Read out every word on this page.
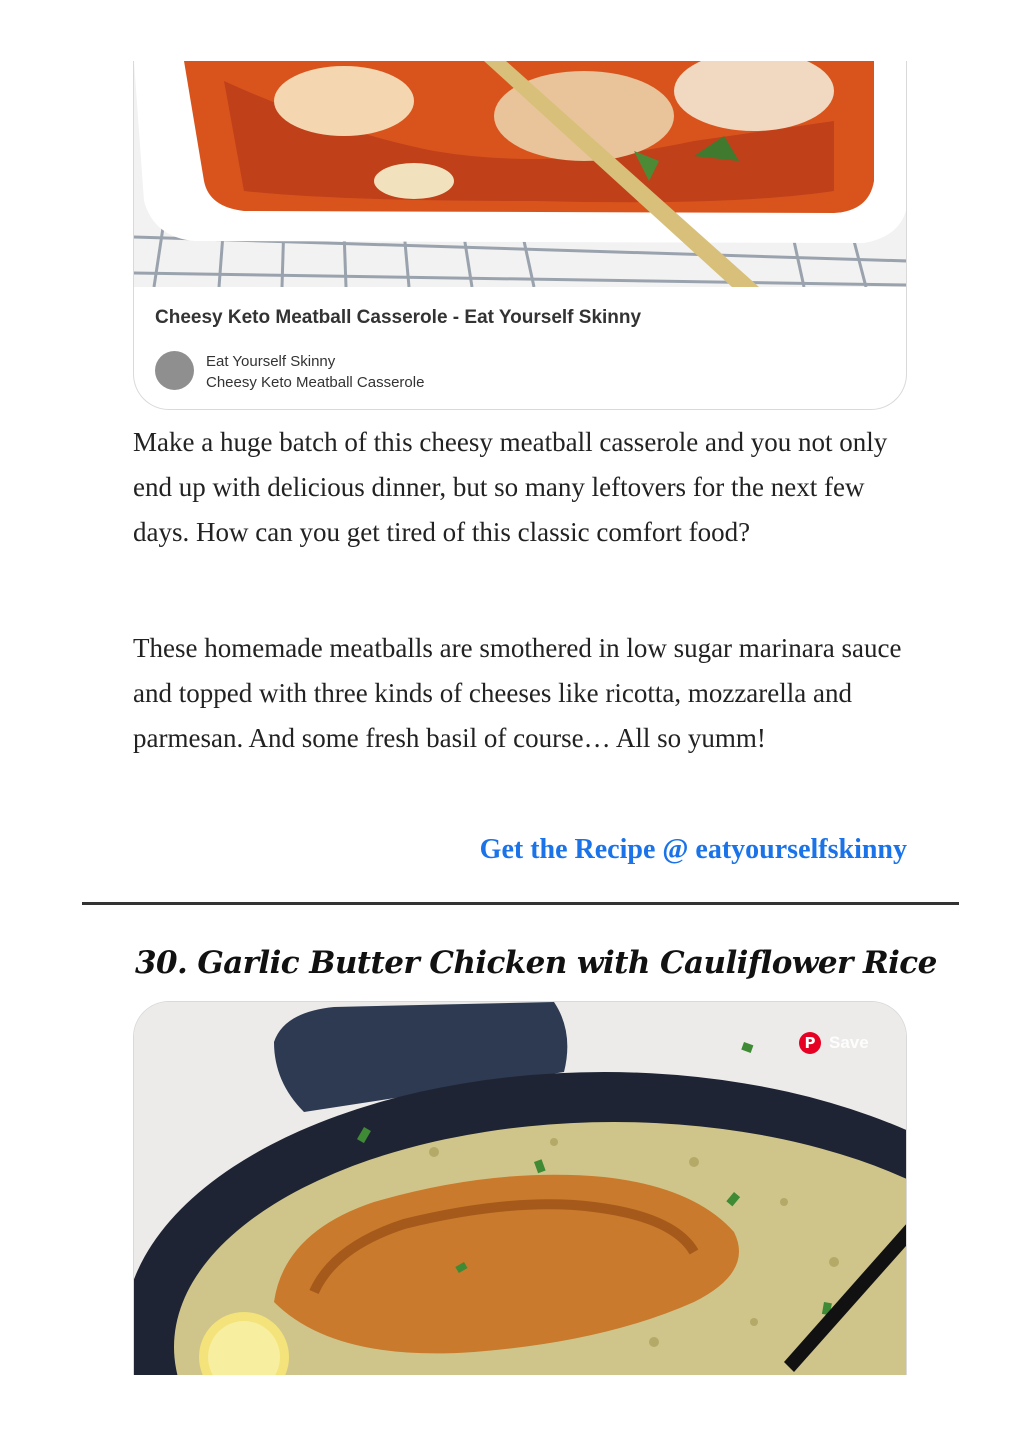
Cheesy Keto Meatball Casserole - Eat Yourself Skinny
Eat Yourself Skinny
Cheesy Keto Meatball Casserole

Make a huge batch of this cheesy meatball casserole and you not only end up with delicious dinner, but so many leftovers for the next few days. How can you get tired of this classic comfort food?

These homemade meatballs are smothered in low sugar marinara sauce and topped with three kinds of cheeses like ricotta, mozzarella and parmesan. And some fresh basil of course… All so yumm!

Get the Recipe @ eatyourselfskinny
30. Garlic Butter Chicken with Cauliflower Rice
P Save
